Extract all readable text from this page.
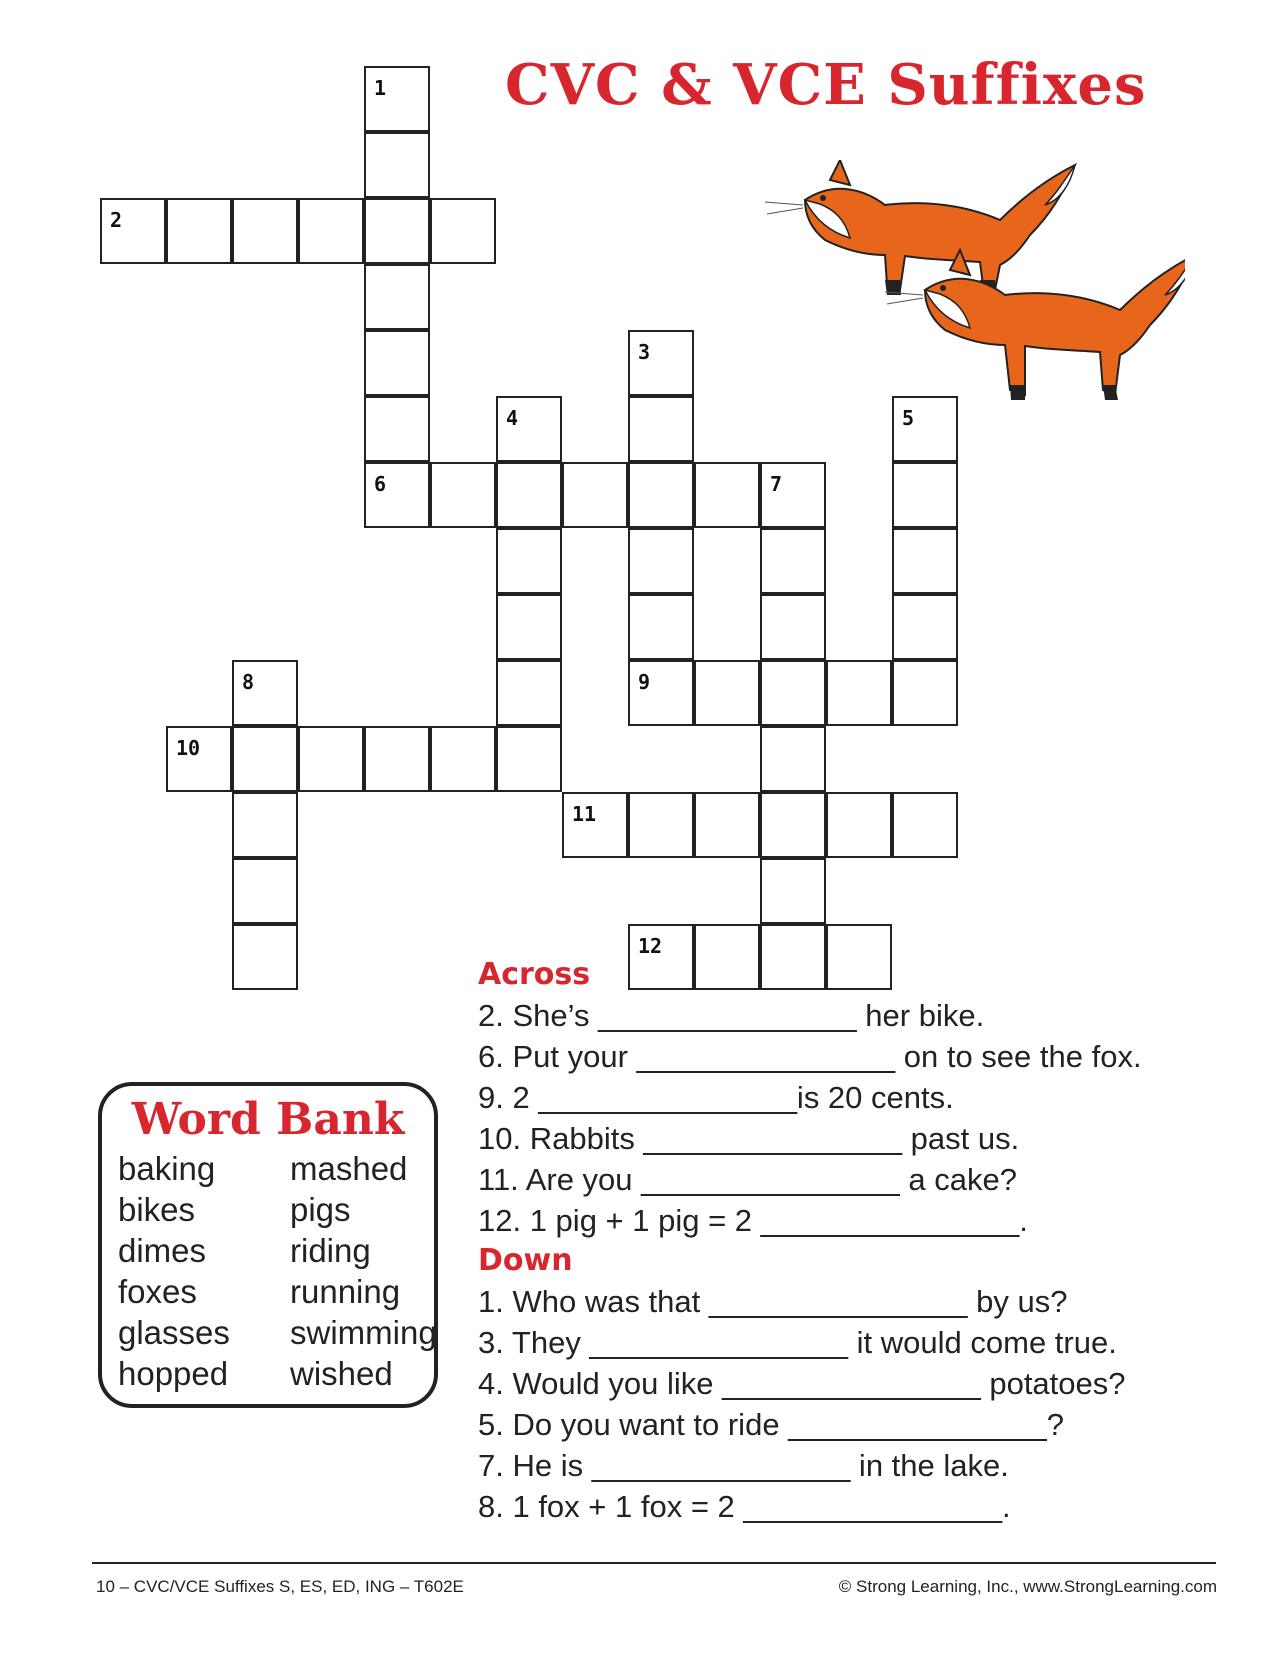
CVC & VCE Suffixes
1
2
3
4	5
6	7
8	9
10
11
12
Word Bank
baking
bikes
dimes
foxes
glasses
hopped
mashed
pigs
riding
running
swimming
wished
Across
2. She’s _______________ her bike.
6. Put your _______________ on to see the fox.
9. 2 _______________is 20 cents.
10. Rabbits _______________ past us.
11. Are you _______________ a cake?
12. 1 pig + 1 pig = 2 _______________.
Down
1. Who was that _______________ by us?
3. They _______________ it would come true.
4. Would you like _______________ potatoes?
5. Do you want to ride _______________?
7. He is _______________ in the lake.
8. 1 fox + 1 fox = 2 _______________.
10 – CVC/VCE Suffixes S, ES, ED, ING – T602E	© Strong Learning, Inc., www.StrongLearning.com
